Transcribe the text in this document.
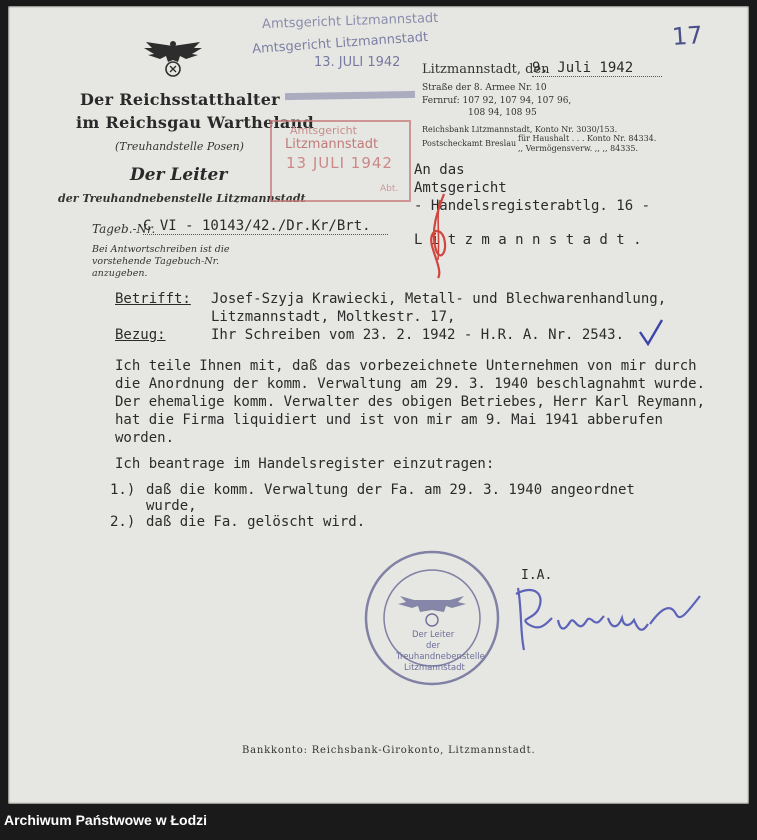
17
Der Reichsstatthalter
im Reichsgau Wartheland
(Treuhandstelle Posen)
Der Leiter
der Treuhandnebenstelle Litzmannstadt
Tageb.-Nr.
C VI - 10143/42./Dr.Kr/Brt.
Bei Antwortschreiben ist die vorstehende Tagebuch-Nr. anzugeben.
Amtsgericht Litzmannstadt
Amtsgericht Litzmannstadt
13. JULI 1942
Amtsgericht
Litzmannstadt
13 JULI 1942
Abt.
Litzmannstadt, den
9. Juli 1942
Straße der 8. Armee Nr. 10
Fernruf: 107 92, 107 94, 107 96,
108 94, 108 95
Reichsbank Litzmannstadt, Konto Nr. 3030/153.
Postscheckamt Breslau
für Haushalt . . . Konto Nr. 84334.
,, Vermögensverw. ,, ,, 84335.
An das
Amtsgericht
- Handelsregisterabtlg. 16 -
L i t z m a n n s t a d t .
Betrifft: Josef-Szyja Krawiecki, Metall- und Blechwarenhandlung,
Litzmannstadt, Moltkestr. 17,
Bezug:	Ihr Schreiben vom 23. 2. 1942 - H.R. A. Nr. 2543.
Ich teile Ihnen mit, daß das vorbezeichnete Unternehmen von mir durch
die Anordnung der komm. Verwaltung am 29. 3. 1940 beschlagnahmt wurde.
Der ehemalige komm. Verwalter des obigen Betriebes, Herr Karl Reymann,
hat die Firma liquidiert und ist von mir am 9. Mai 1941 abberufen
worden.
Ich beantrage im Handelsregister einzutragen:
1.) daß die komm. Verwaltung der Fa. am 29. 3. 1940 angeordnet
wurde,
2.) daß die Fa. gelöscht wird.
Der Leiter
der
Treuhandnebenstelle
Litzmannstadt
I.A.
Bankkonto: Reichsbank-Girokonto, Litzmannstadt.
Archiwum Państwowe w Łodzi
